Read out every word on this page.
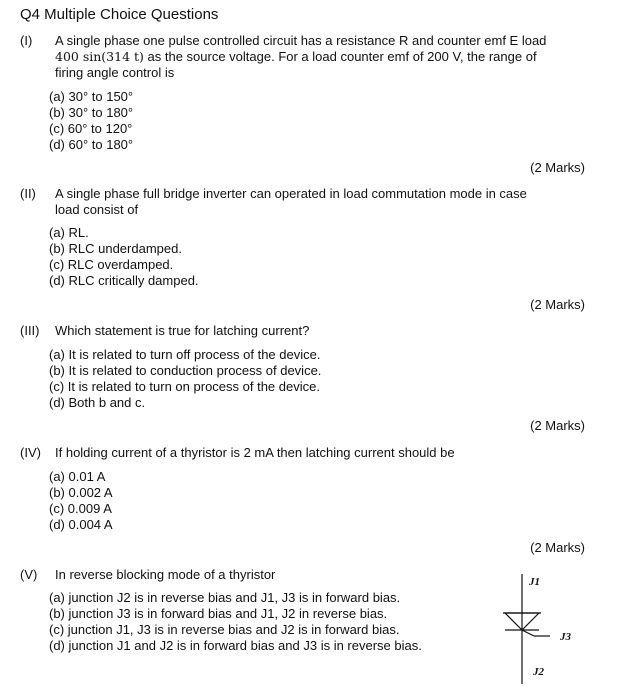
Q4 Multiple Choice Questions
(I) A single phase one pulse controlled circuit has a resistance R and counter emf E load
400 sin(314 t) as the source voltage. For a load counter emf of 200 V, the range of
firing angle control is
(a) 30° to 150°
(b) 30° to 180°
(c) 60° to 120°
(d) 60° to 180°
(2 Marks)
(II) A single phase full bridge inverter can operated in load commutation mode in case
load consist of
(a) RL.
(b) RLC underdamped.
(c) RLC overdamped.
(d) RLC critically damped.
(2 Marks)
(III) Which statement is true for latching current?
(a) It is related to turn off process of the device.
(b) It is related to conduction process of device.
(c) It is related to turn on process of the device.
(d) Both b and c.
(2 Marks)
(IV) If holding current of a thyristor is 2 mA then latching current should be
(a) 0.01 A
(b) 0.002 A
(c) 0.009 A
(d) 0.004 A
(2 Marks)
(V) In reverse blocking mode of a thyristor
(a) junction J2 is in reverse bias and J1, J3 is in forward bias.
(b) junction J3 is in forward bias and J1, J2 in reverse bias.
(c) junction J1, J3 is in reverse bias and J2 is in forward bias.
(d) junction J1 and J2 is in forward bias and J3 is in reverse bias.
J1
J3
J2
